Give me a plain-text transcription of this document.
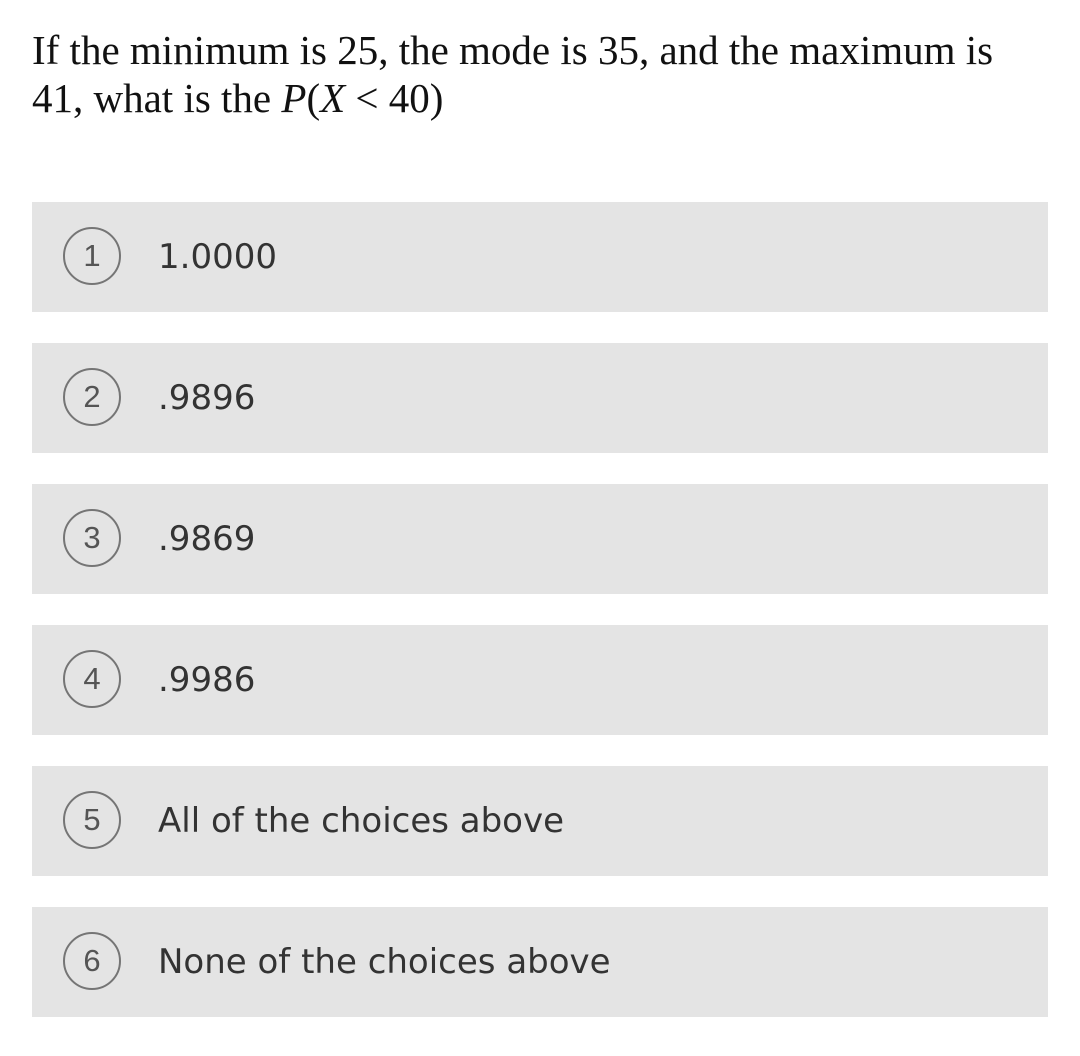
If the minimum is 25, the mode is 35, and the maximum is 41, what is the P(X < 40)
1	1.0000
2	.9896
3	.9869
4	.9986
5	All of the choices above
6	None of the choices above
